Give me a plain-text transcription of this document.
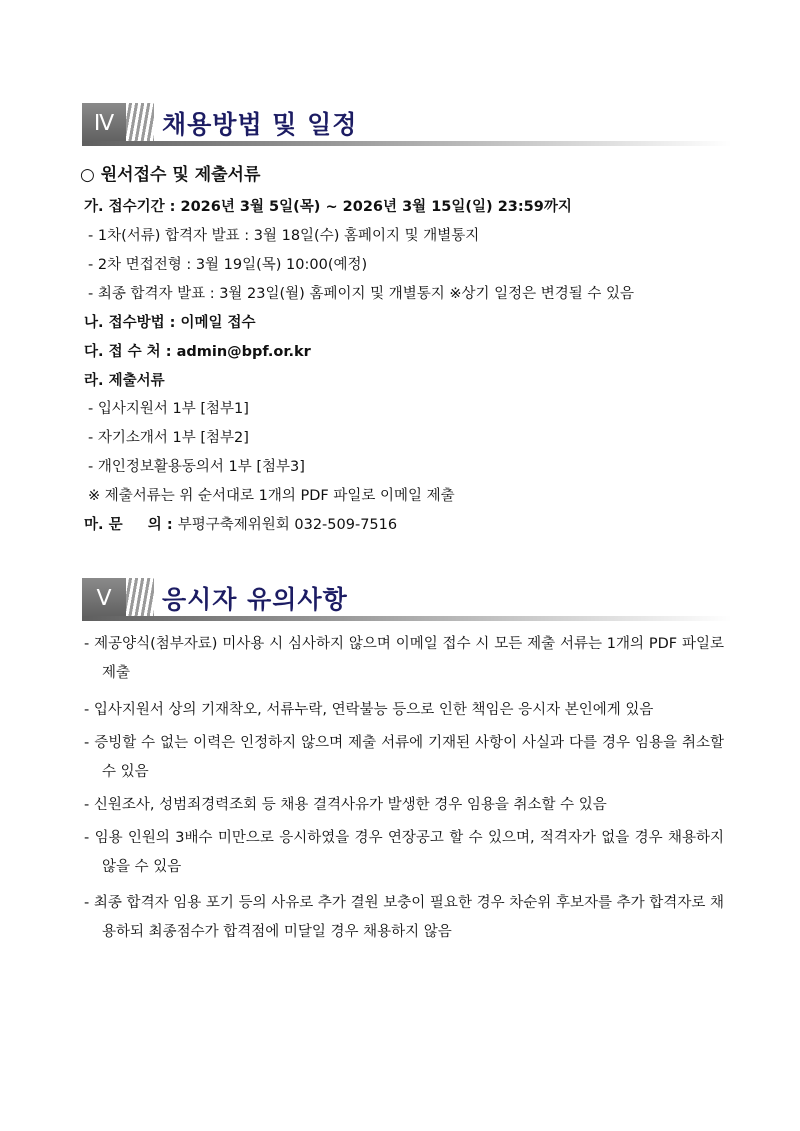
Ⅳ	채용방법 및 일정
○ 원서접수 및 제출서류
가. 접수기간 : 2026년 3월 5일(목) ~ 2026년 3월 15일(일) 23:59까지
- 1차(서류) 합격자 발표 : 3월 18일(수) 홈페이지 및 개별통지
- 2차 면접전형 : 3월 19일(목) 10:00(예정)
- 최종 합격자 발표 : 3월 23일(월) 홈페이지 및 개별통지 ※상기 일정은 변경될 수 있음
나. 접수방법 : 이메일 접수
다. 접 수 처 : admin@bpf.or.kr
라. 제출서류
- 입사지원서 1부 [첨부1]
- 자기소개서 1부 [첨부2]
- 개인정보활용동의서 1부 [첨부3]
※ 제출서류는 위 순서대로 1개의 PDF 파일로 이메일 제출
마. 문     의 : 부평구축제위원회 032-509-7516
Ⅴ	응시자 유의사항
- 제공양식(첨부자료) 미사용 시 심사하지 않으며 이메일 접수 시 모든 제출 서류는 1개의 PDF 파일로 제출
- 입사지원서 상의 기재착오, 서류누락, 연락불능 등으로 인한 책임은 응시자 본인에게 있음
- 증빙할 수 없는 이력은 인정하지 않으며 제출 서류에 기재된 사항이 사실과 다를 경우 임용을 취소할 수 있음
- 신원조사, 성범죄경력조회 등 채용 결격사유가 발생한 경우 임용을 취소할 수 있음
- 임용 인원의 3배수 미만으로 응시하였을 경우 연장공고 할 수 있으며, 적격자가 없을 경우 채용하지 않을 수 있음
- 최종 합격자 임용 포기 등의 사유로 추가 결원 보충이 필요한 경우 차순위 후보자를 추가 합격자로 채용하되 최종점수가 합격점에 미달일 경우 채용하지 않음
